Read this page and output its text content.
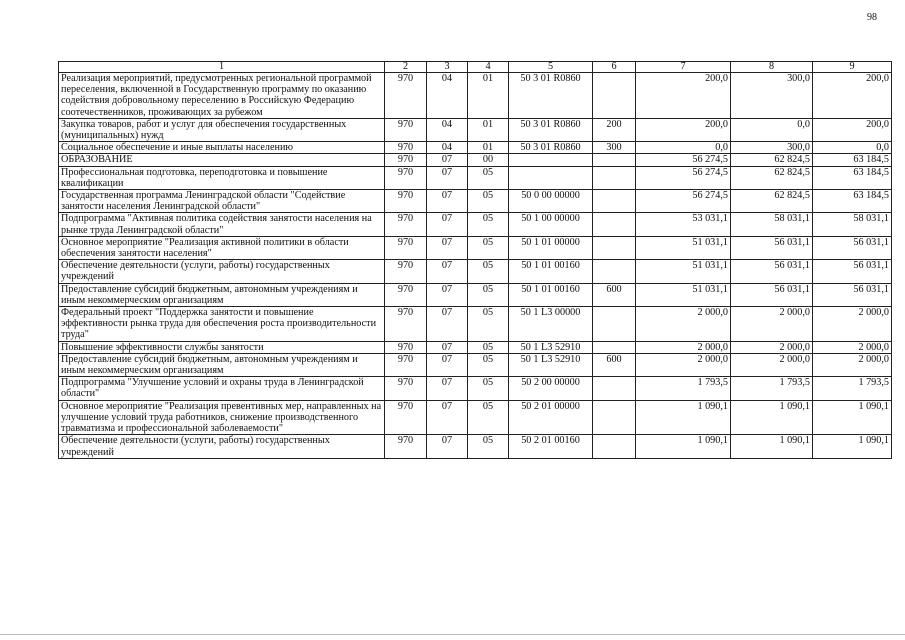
98
1	2	3	4	5	6	7	8	9
Реализация мероприятий, предусмотренных региональной программой переселения, включенной в Государственную программу по оказанию содействия добровольному переселению в Российскую Федерацию соотечественников, проживающих за рубежом	970	04	01	50 3 01 R0860		200,0	300,0	200,0
Закупка товаров, работ и услуг для обеспечения государственных (муниципальных) нужд	970	04	01	50 3 01 R0860	200	200,0	0,0	200,0
Социальное обеспечение и иные выплаты населению	970	04	01	50 3 01 R0860	300	0,0	300,0	0,0
ОБРАЗОВАНИЕ	970	07	00			56 274,5	62 824,5	63 184,5
Профессиональная подготовка, переподготовка и повышение квалификации	970	07	05			56 274,5	62 824,5	63 184,5
Государственная программа Ленинградской области "Содействие занятости населения Ленинградской области"	970	07	05	50 0 00 00000		56 274,5	62 824,5	63 184,5
Подпрограмма "Активная политика содействия занятости населения на рынке труда Ленинградской области"	970	07	05	50 1 00 00000		53 031,1	58 031,1	58 031,1
Основное мероприятие "Реализация активной политики в области обеспечения занятости населения"	970	07	05	50 1 01 00000		51 031,1	56 031,1	56 031,1
Обеспечение деятельности (услуги, работы) государственных учреждений	970	07	05	50 1 01 00160		51 031,1	56 031,1	56 031,1
Предоставление субсидий бюджетным, автономным учреждениям и иным некоммерческим организациям	970	07	05	50 1 01 00160	600	51 031,1	56 031,1	56 031,1
Федеральный проект "Поддержка занятости и повышение эффективности рынка труда для обеспечения роста производительности труда"	970	07	05	50 1 L3 00000		2 000,0	2 000,0	2 000,0
Повышение эффективности службы занятости	970	07	05	50 1 L3 52910		2 000,0	2 000,0	2 000,0
Предоставление субсидий бюджетным, автономным учреждениям и иным некоммерческим организациям	970	07	05	50 1 L3 52910	600	2 000,0	2 000,0	2 000,0
Подпрограмма "Улучшение условий и охраны труда в Ленинградской области"	970	07	05	50 2 00 00000		1 793,5	1 793,5	1 793,5
Основное мероприятие "Реализация превентивных мер, направленных на улучшение условий труда работников, снижение производственного травматизма и профессиональной заболеваемости"	970	07	05	50 2 01 00000		1 090,1	1 090,1	1 090,1
Обеспечение деятельности (услуги, работы) государственных учреждений	970	07	05	50 2 01 00160		1 090,1	1 090,1	1 090,1
